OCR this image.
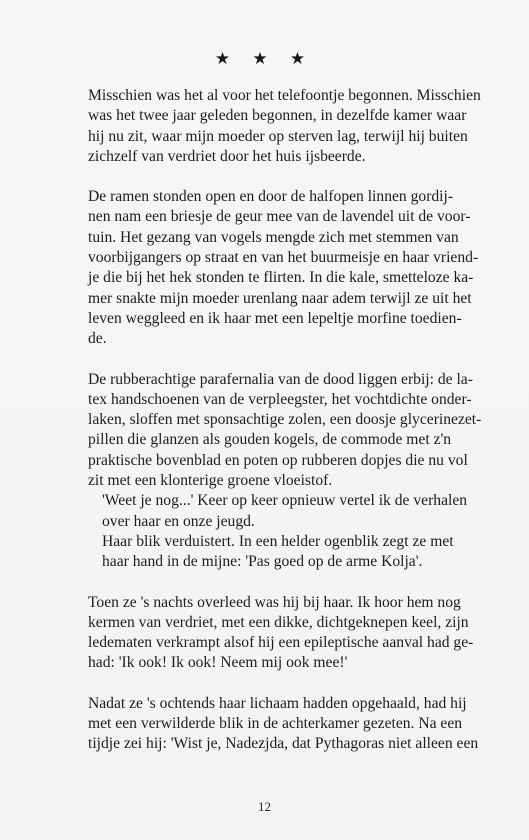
★ ★ ★

Misschien was het al voor het telefoontje begonnen. Misschien
was het twee jaar geleden begonnen, in dezelfde kamer waar
hij nu zit, waar mijn moeder op sterven lag, terwijl hij buiten
zichzelf van verdriet door het huis ijsbeerde.

De ramen stonden open en door de halfopen linnen gordij-
nen nam een briesje de geur mee van de lavendel uit de voor-
tuin. Het gezang van vogels mengde zich met stemmen van
voorbijgangers op straat en van het buurmeisje en haar vriend-
je die bij het hek stonden te flirten. In die kale, smetteloze ka-
mer snakte mijn moeder urenlang naar adem terwijl ze uit het
leven weggleed en ik haar met een lepeltje morfine toedien-
de.

De rubberachtige parafernalia van de dood liggen erbij: de la-
tex handschoenen van de verpleegster, het vochtdichte onder-
laken, sloffen met sponsachtige zolen, een doosje glycerinezet-
pillen die glanzen als gouden kogels, de commode met z'n
praktische bovenblad en poten op rubberen dopjes die nu vol
zit met een klonterige groene vloeistof.

'Weet je nog...' Keer op keer opnieuw vertel ik de verhalen
over haar en onze jeugd.

Haar blik verduistert. In een helder ogenblik zegt ze met
haar hand in de mijne: 'Pas goed op de arme Kolja'.

Toen ze 's nachts overleed was hij bij haar. Ik hoor hem nog
kermen van verdriet, met een dikke, dichtgeknepen keel, zijn
ledematen verkrampt alsof hij een epileptische aanval had ge-
had: 'Ik ook! Ik ook! Neem mij ook mee!'

Nadat ze 's ochtends haar lichaam hadden opgehaald, had hij
met een verwilderde blik in de achterkamer gezeten. Na een
tijdje zei hij: 'Wist je, Nadezjda, dat Pythagoras niet alleen een

12
